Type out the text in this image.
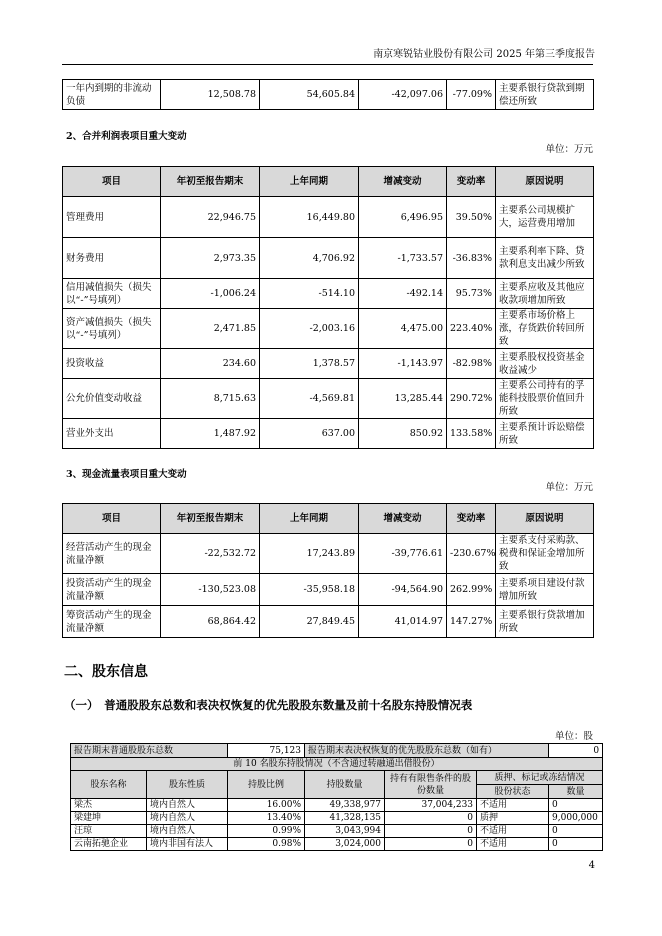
南京寒锐钴业股份有限公司 2025 年第三季度报告
一年内到期的非流动负债	12,508.78	54,605.84	-42,097.06	-77.09%	主要系银行贷款到期偿还所致
2、合并利润表项目重大变动
单位：万元
项目	年初至报告期末	上年同期	增减变动	变动率	原因说明
管理费用	22,946.75	16,449.80	6,496.95	39.50%	主要系公司规模扩大，运营费用增加
财务费用	2,973.35	4,706.92	-1,733.57	-36.83%	主要系利率下降、贷款利息支出减少所致
信用减值损失（损失以“-”号填列）	-1,006.24	-514.10	-492.14	95.73%	主要系应收及其他应收款项增加所致
资产减值损失（损失以“-”号填列）	2,471.85	-2,003.16	4,475.00	223.40%	主要系市场价格上涨，存货跌价转回所致
投资收益	234.60	1,378.57	-1,143.97	-82.98%	主要系股权投资基金收益减少
公允价值变动收益	8,715.63	-4,569.81	13,285.44	290.72%	主要系公司持有的孚能科技股票价值回升所致
营业外支出	1,487.92	637.00	850.92	133.58%	主要系预计诉讼赔偿所致
3、现金流量表项目重大变动
单位：万元
项目	年初至报告期末	上年同期	增减变动	变动率	原因说明
经营活动产生的现金流量净额	-22,532.72	17,243.89	-39,776.61	-230.67%	主要系支付采购款、税费和保证金增加所致
投资活动产生的现金流量净额	-130,523.08	-35,958.18	-94,564.90	262.99%	主要系项目建设付款增加所致
筹资活动产生的现金流量净额	68,864.42	27,849.45	41,014.97	147.27%	主要系银行贷款增加所致
二、股东信息
（一）　普通股股东总数和表决权恢复的优先股股东数量及前十名股东持股情况表
单位：股
报告期末普通股股东总数		75,123	报告期末表决权恢复的优先股股东总数（如有）			0
前 10 名股东持股情况（不含通过转融通出借股份）						
股东名称	股东性质	持股比例	持股数量	持有有限售条件的股份数量	质押、标记或冻结情况	
					股份状态	数量
梁杰	境内自然人	16.00%	49,338,977	37,004,233	不适用	0
梁建坤	境内自然人	13.40%	41,328,135	0	质押	9,000,000
汪琼	境内自然人	0.99%	3,043,994	0	不适用	0
云南拓驰企业	境内非国有法人	0.98%	3,024,000	0	不适用	0
4
